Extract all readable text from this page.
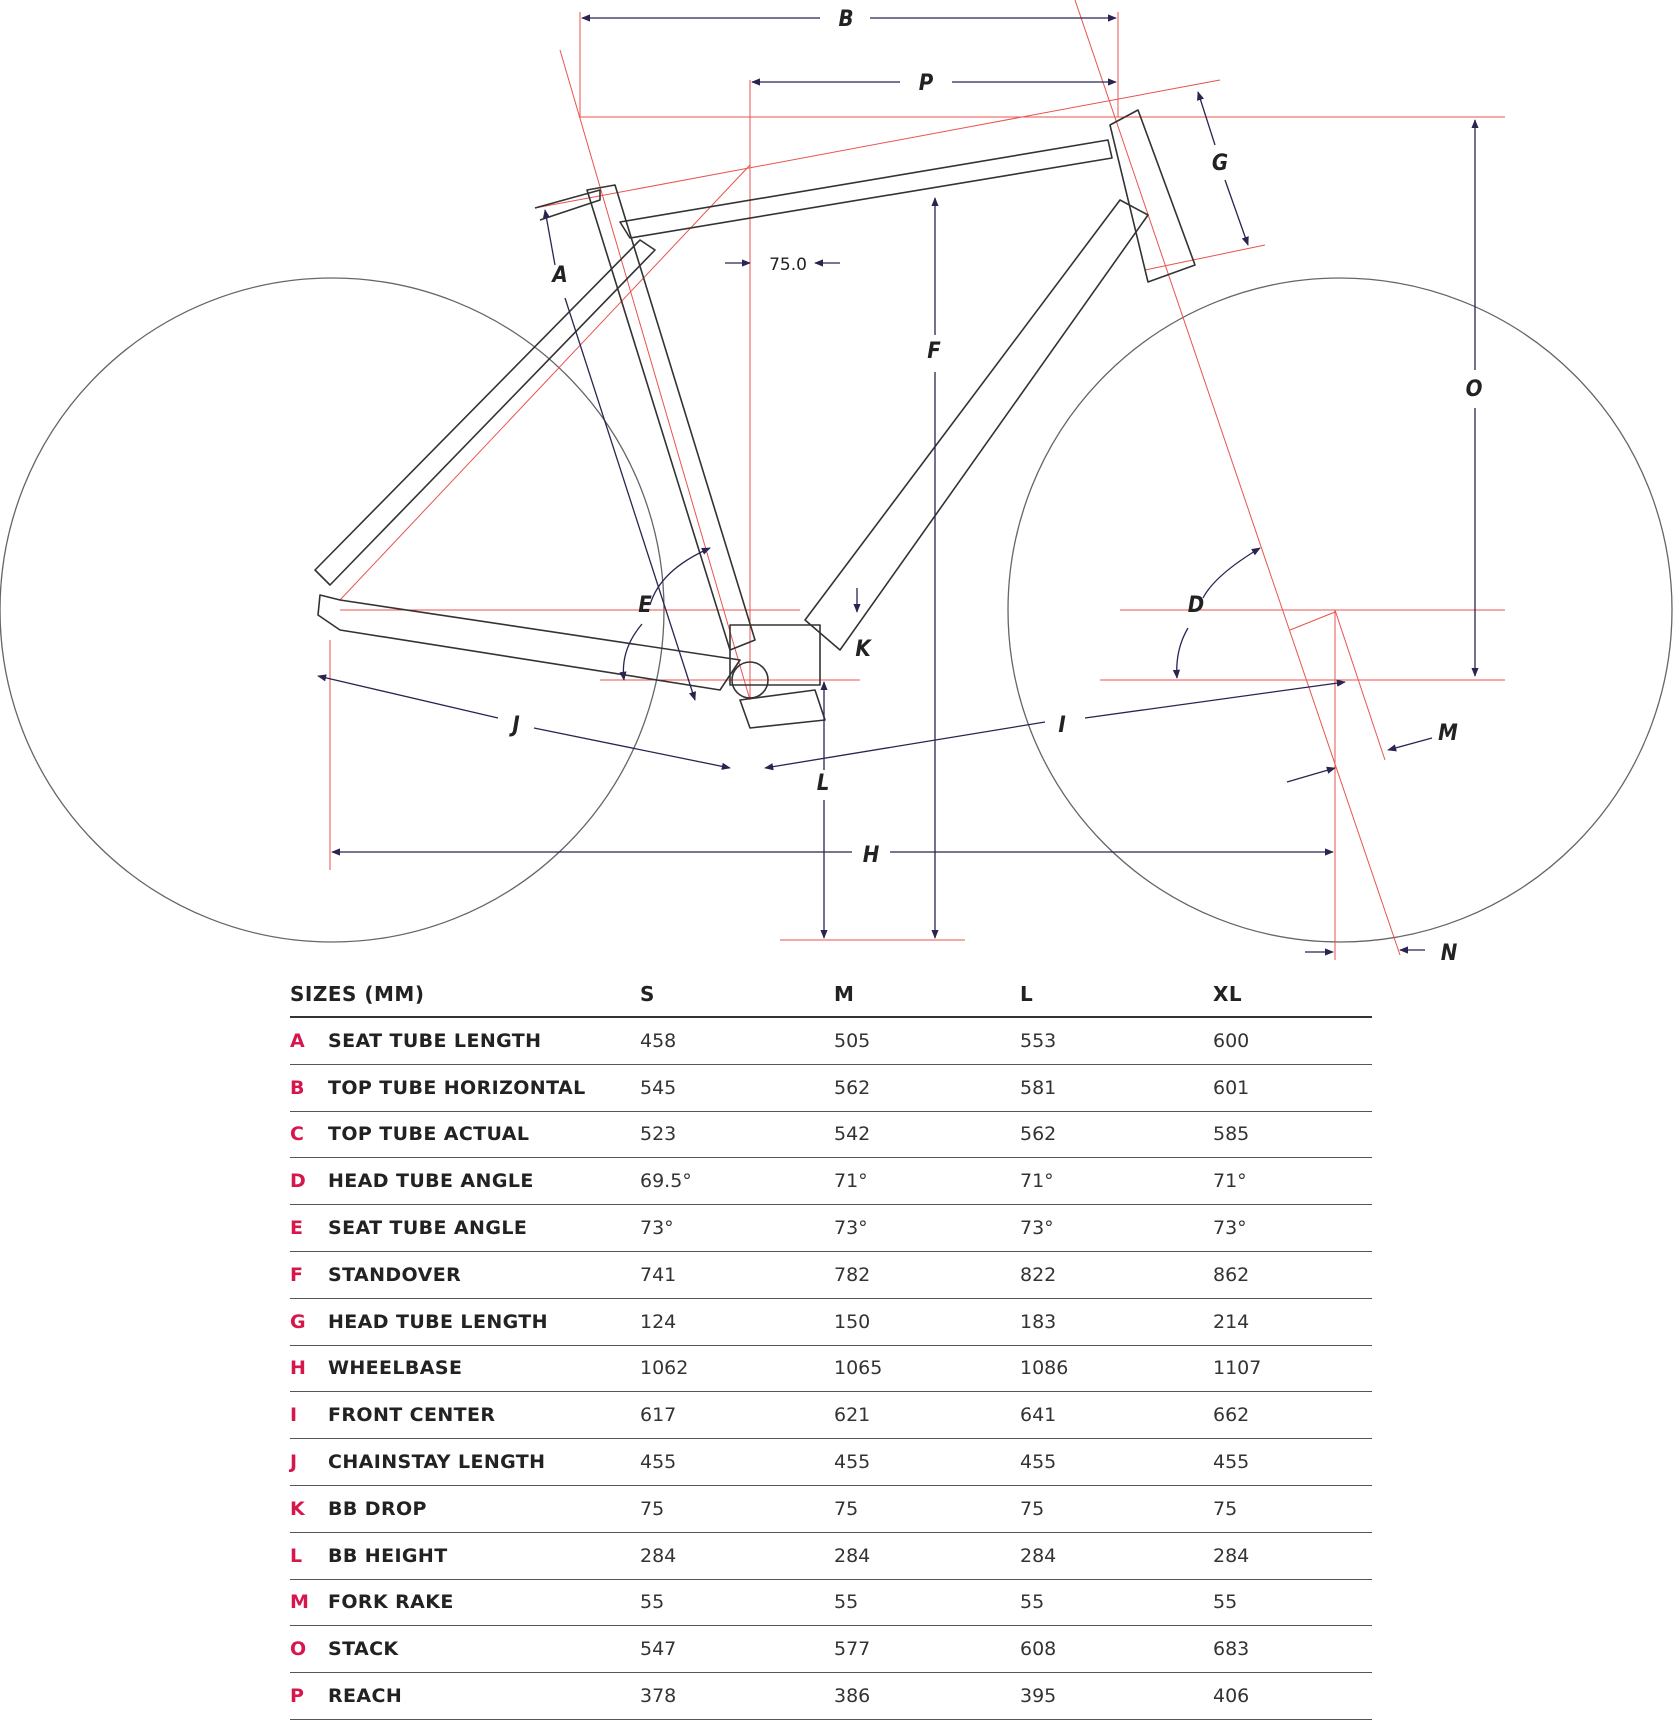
B
P
A
G
F
O
E	D
K
J	I	M
L
H
N
75.0
SIZES (MM)	S	M	L	XL
A SEAT TUBE LENGTH	458	505	553	600
B TOP TUBE HORIZONTAL	545	562	581	601
C TOP TUBE ACTUAL	523	542	562	585
D HEAD TUBE ANGLE	69.5°	71°	71°	71°
E SEAT TUBE ANGLE	73°	73°	73°	73°
F STANDOVER	741	782	822	862
G HEAD TUBE LENGTH	124	150	183	214
H WHEELBASE	1062	1065	1086	1107
I FRONT CENTER	617	621	641	662
J CHAINSTAY LENGTH	455	455	455	455
K BB DROP	75	75	75	75
L BB HEIGHT	284	284	284	284
M FORK RAKE	55	55	55	55
O STACK	547	577	608	683
P REACH	378	386	395	406
